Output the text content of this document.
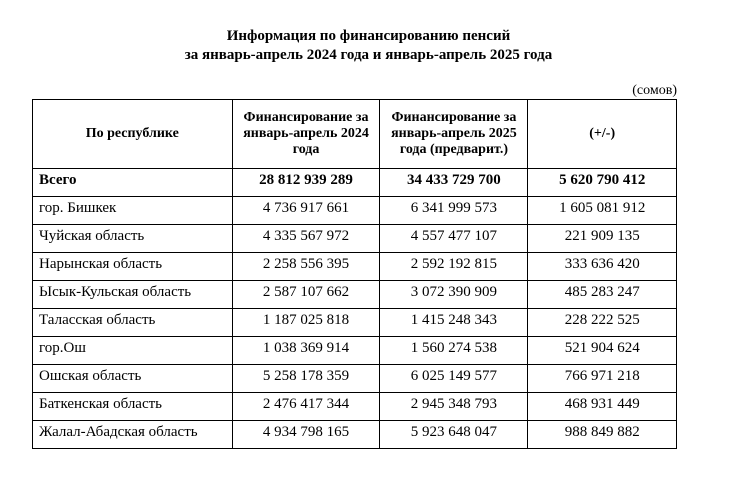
Информация по финансированию пенсий
за январь-апрель 2024 года и январь-апрель 2025 года
(сомов)
По республике	Финансирование за январь-апрель 2024 года	Финансирование за январь-апрель 2025 года (предварит.)	(+/-)
Всего	28 812 939 289	34 433 729 700	5 620 790 412
гор. Бишкек	4 736 917 661	6 341 999 573	1 605 081 912
Чуйская область	4 335 567 972	4 557 477 107	221 909 135
Нарынская область	2 258 556 395	2 592 192 815	333 636 420
Ысык-Кульская область	2 587 107 662	3 072 390 909	485 283 247
Таласская область	1 187 025 818	1 415 248 343	228 222 525
гор.Ош	1 038 369 914	1 560 274 538	521 904 624
Ошская область	5 258 178 359	6 025 149 577	766 971 218
Баткенская область	2 476 417 344	2 945 348 793	468 931 449
Жалал-Абадская область	4 934 798 165	5 923 648 047	988 849 882
